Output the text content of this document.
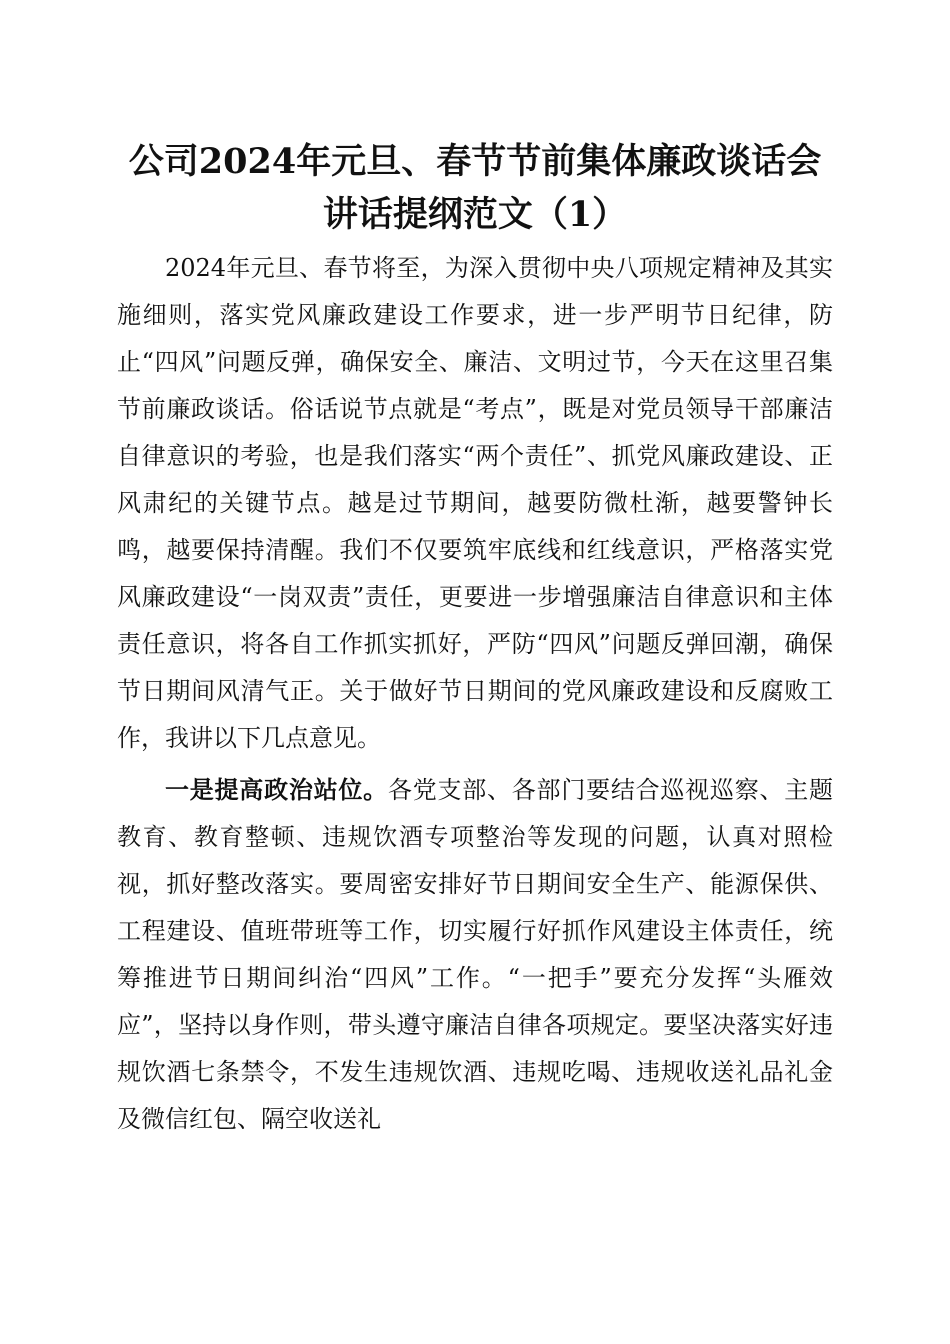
公司2024年元旦、春节节前集体廉政谈话会
讲话提纲范文（1）

2024年元旦、春节将至，为深入贯彻中央八项规定精神及其实施细则，落实党风廉政建设工作要求，进一步严明节日纪律，防止“四风”问题反弹，确保安全、廉洁、文明过节，今天在这里召集节前廉政谈话。俗话说节点就是“考点”，既是对党员领导干部廉洁自律意识的考验，也是我们落实“两个责任”、抓党风廉政建设、正风肃纪的关键节点。越是过节期间，越要防微杜渐，越要警钟长鸣，越要保持清醒。我们不仅要筑牢底线和红线意识，严格落实党风廉政建设“一岗双责”责任，更要进一步增强廉洁自律意识和主体责任意识，将各自工作抓实抓好，严防“四风”问题反弹回潮，确保节日期间风清气正。关于做好节日期间的党风廉政建设和反腐败工作，我讲以下几点意见。

一是提高政治站位。各党支部、各部门要结合巡视巡察、主题教育、教育整顿、违规饮酒专项整治等发现的问题，认真对照检视，抓好整改落实。要周密安排好节日期间安全生产、能源保供、工程建设、值班带班等工作，切实履行好抓作风建设主体责任，统筹推进节日期间纠治“四风”工作。“一把手”要充分发挥“头雁效应”，坚持以身作则，带头遵守廉洁自律各项规定。要坚决落实好违规饮酒七条禁令，不发生违规饮酒、违规吃喝、违规收送礼品礼金及微信红包、隔空收送礼
